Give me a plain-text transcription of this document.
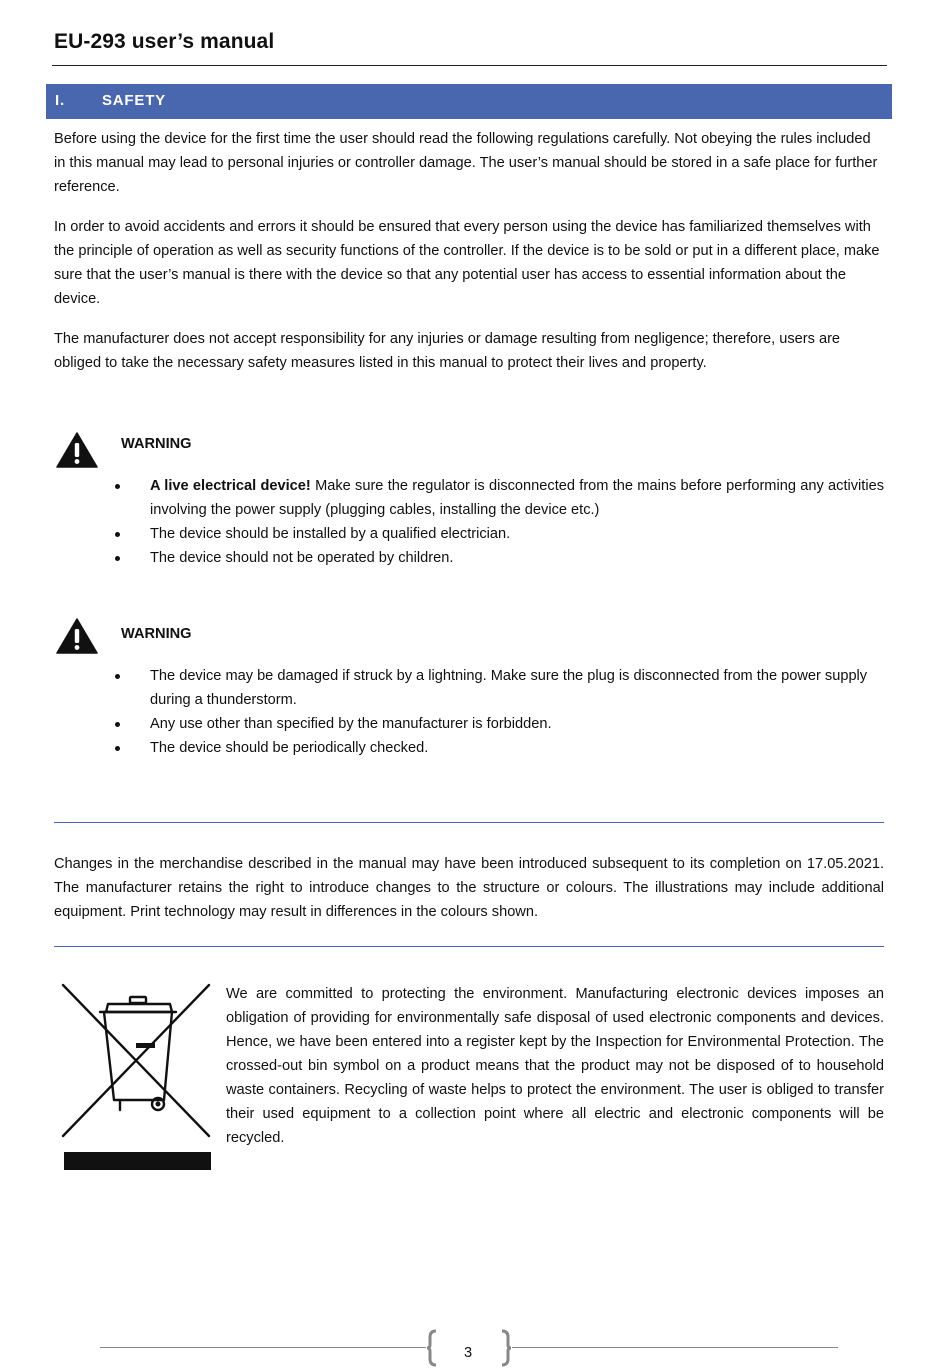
EU-293 user’s manual
I. SAFETY

Before using the device for the first time the user should read the following regulations carefully. Not obeying the rules included in this manual may lead to personal injuries or controller damage. The user’s manual should be stored in a safe place for further reference.

In order to avoid accidents and errors it should be ensured that every person using the device has familiarized themselves with the principle of operation as well as security functions of the controller. If the device is to be sold or put in a different place, make sure that the user’s manual is there with the device so that any potential user has access to essential information about the device.

The manufacturer does not accept responsibility for any injuries or damage resulting from negligence; therefore, users are obliged to take the necessary safety measures listed in this manual to protect their lives and property.

WARNING
A live electrical device! Make sure the regulator is disconnected from the mains before performing any activities involving the power supply (plugging cables, installing the device etc.)
The device should be installed by a qualified electrician.
The device should not be operated by children.
WARNING
The device may be damaged if struck by a lightning. Make sure the plug is disconnected from the power supply during a thunderstorm.
Any use other than specified by the manufacturer is forbidden.
The device should be periodically checked.

Changes in the merchandise described in the manual may have been introduced subsequent to its completion on 17.05.2021. The manufacturer retains the right to introduce changes to the structure or colours. The illustrations may include additional equipment. Print technology may result in differences in the colours shown.

We are committed to protecting the environment. Manufacturing electronic devices imposes an obligation of providing for environmentally safe disposal of used electronic components and devices. Hence, we have been entered into a register kept by the Inspection for Environmental Protection. The crossed-out bin symbol on a product means that the product may not be disposed of to household waste containers. Recycling of waste helps to protect the environment. The user is obliged to transfer their used equipment to a collection point where all electric and electronic components will be recycled.

3
